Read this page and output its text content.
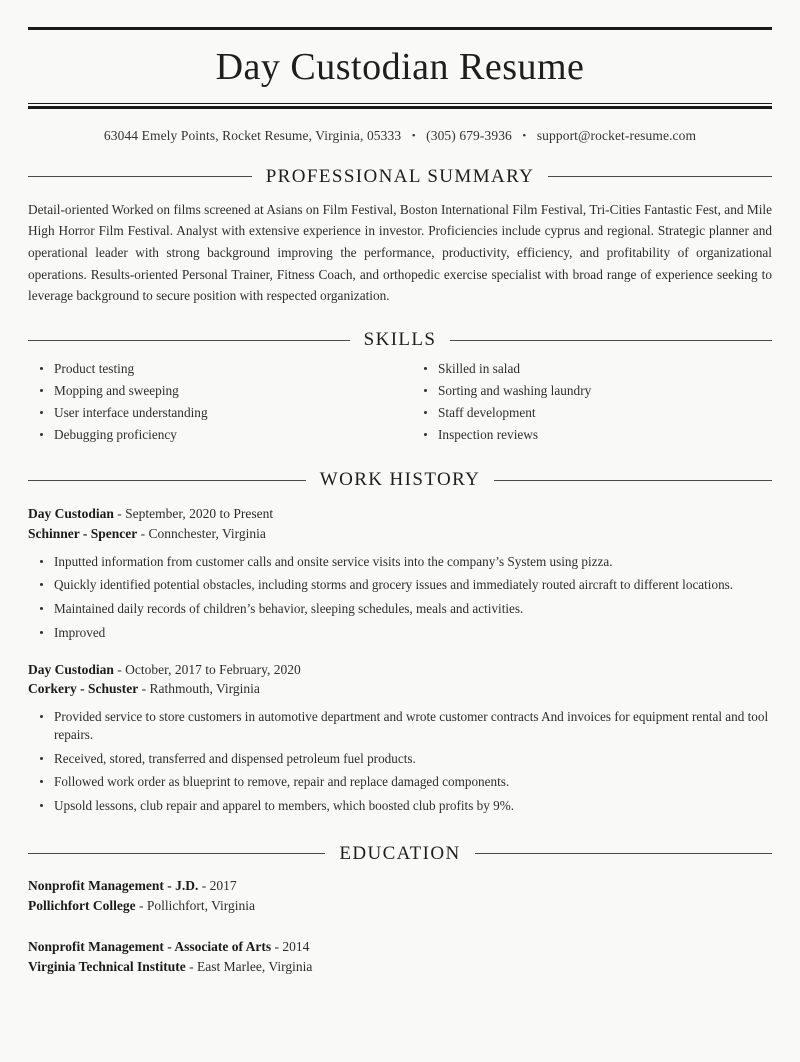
Day Custodian Resume
63044 Emely Points, Rocket Resume, Virginia, 05333 • (305) 679-3936 • support@rocket-resume.com
PROFESSIONAL SUMMARY

Detail-oriented Worked on films screened at Asians on Film Festival, Boston International Film Festival, Tri-Cities Fantastic Fest, and Mile High Horror Film Festival. Analyst with extensive experience in investor. Proficiencies include cyprus and regional. Strategic planner and operational leader with strong background improving the performance, productivity, efficiency, and profitability of organizational operations. Results-oriented Personal Trainer, Fitness Coach, and orthopedic exercise specialist with broad range of experience seeking to leverage background to secure position with respected organization.

SKILLS
Product testing
Mopping and sweeping
User interface understanding
Debugging proficiency
Skilled in salad
Sorting and washing laundry
Staff development
Inspection reviews
WORK HISTORY
Day Custodian - September, 2020 to Present
Schinner - Spencer - Connchester, Virginia
Inputted information from customer calls and onsite service visits into the company’s System using pizza.
Quickly identified potential obstacles, including storms and grocery issues and immediately routed aircraft to different locations.
Maintained daily records of children’s behavior, sleeping schedules, meals and activities.
Improved
Day Custodian - October, 2017 to February, 2020
Corkery - Schuster - Rathmouth, Virginia
Provided service to store customers in automotive department and wrote customer contracts And invoices for equipment rental and tool repairs.
Received, stored, transferred and dispensed petroleum fuel products.
Followed work order as blueprint to remove, repair and replace damaged components.
Upsold lessons, club repair and apparel to members, which boosted club profits by 9%.
EDUCATION
Nonprofit Management - J.D. - 2017
Pollichfort College - Pollichfort, Virginia
Nonprofit Management - Associate of Arts - 2014
Virginia Technical Institute - East Marlee, Virginia
